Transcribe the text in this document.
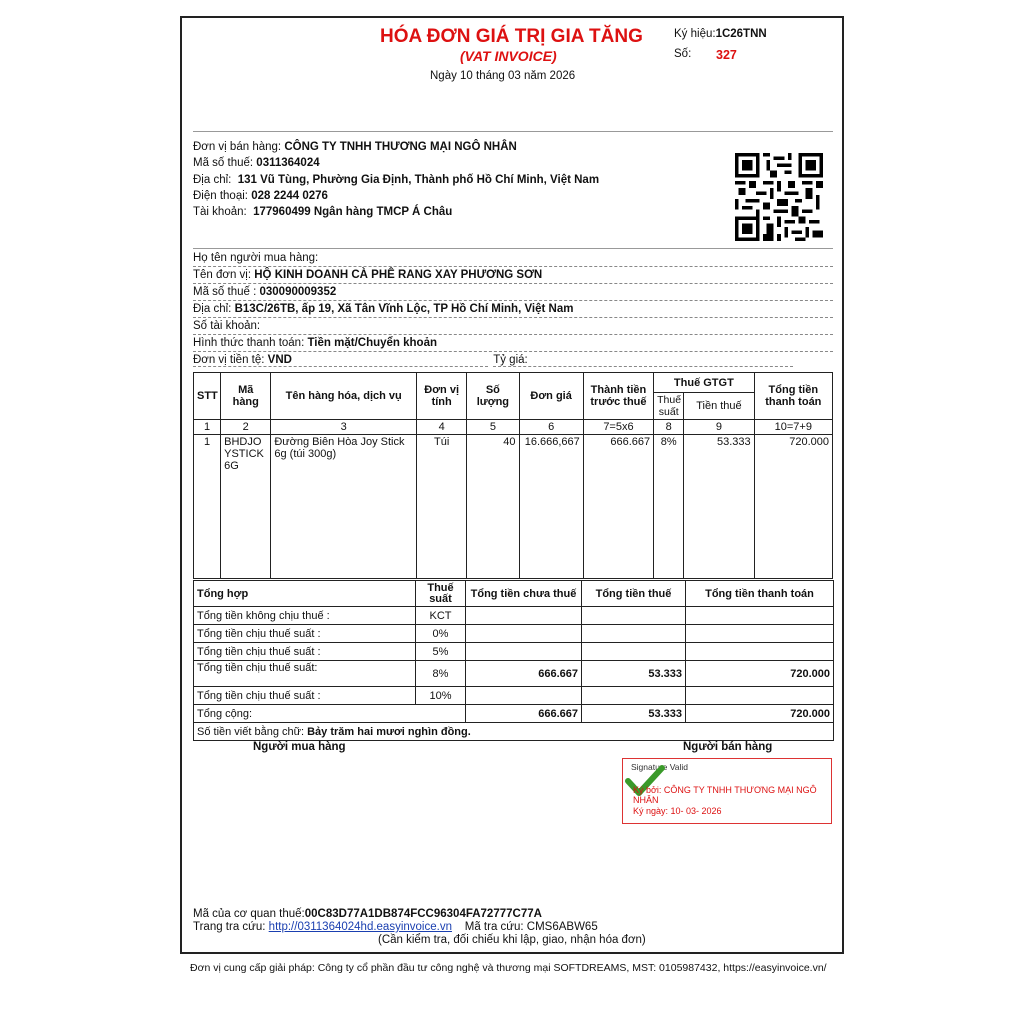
HÓA ĐƠN GIÁ TRỊ GIA TĂNG
(VAT INVOICE)
Ngày 10 tháng 03 năm 2026
Ký hiệu:1C26TNN
Số: 327
Đơn vị bán hàng: CÔNG TY TNHH THƯƠNG MẠI NGÔ NHÂN
Mã số thuế: 0311364024
Địa chỉ: 131 Vũ Tùng, Phường Gia Định, Thành phố Hồ Chí Minh, Việt Nam
Điện thoại: 028 2244 0276
Tài khoản: 177960499 Ngân hàng TMCP Á Châu
Họ tên người mua hàng:
Tên đơn vị: HỘ KINH DOANH CÀ PHÊ RANG XAY PHƯƠNG SƠN
Mã số thuế : 030090009352
Địa chỉ: B13C/26TB, ấp 19, Xã Tân Vĩnh Lộc, TP Hồ Chí Minh, Việt Nam
Số tài khoản:
Hình thức thanh toán: Tiền mặt/Chuyển khoản
Đơn vị tiền tệ: VND	Tỷ giá:
STT	Mã hàng	Tên hàng hóa, dịch vụ	Đơn vị tính	Số lượng	Đơn giá	Thành tiền trước thuế	Thuế GTGT		Tổng tiền thanh toán
							Thuế suất	Tiền thuế	
1	2	3	4	5	6	7=5x6	8	9	10=7+9
1	BHDJOYSTICK6G	Đường Biên Hòa Joy Stick 6g (túi 300g)	Túi	40	16.666,667	666.667	8%	53.333	720.000
Tổng hợp	Thuế suất	Tổng tiền chưa thuế	Tổng tiền thuế	Tổng tiền thanh toán
Tổng tiền không chịu thuế :	KCT			
Tổng tiền chịu thuế suất :	0%			
Tổng tiền chịu thuế suất :	5%			
Tổng tiền chịu thuế suất:	8%	666.667	53.333	720.000
Tổng tiền chịu thuế suất :	10%			
Tổng cộng:		666.667	53.333	720.000
Số tiền viết bằng chữ: Bảy trăm hai mươi nghìn đồng.				
Người mua hàng	Người bán hàng
Signature Valid
Ký bởi: CÔNG TY TNHH THƯƠNG MẠI NGÔ NHÂN
Ký ngày: 10- 03- 2026
Mã của cơ quan thuế:00C83D77A1DB874FCC96304FA72777C77A
Trang tra cứu: http://0311364024hd.easyinvoice.vn Mã tra cứu: CMS6ABW65
(Cần kiểm tra, đối chiếu khi lập, giao, nhận hóa đơn)
Đơn vị cung cấp giải pháp: Công ty cổ phần đầu tư công nghệ và thương mại SOFTDREAMS, MST: 0105987432, https://easyinvoice.vn/
